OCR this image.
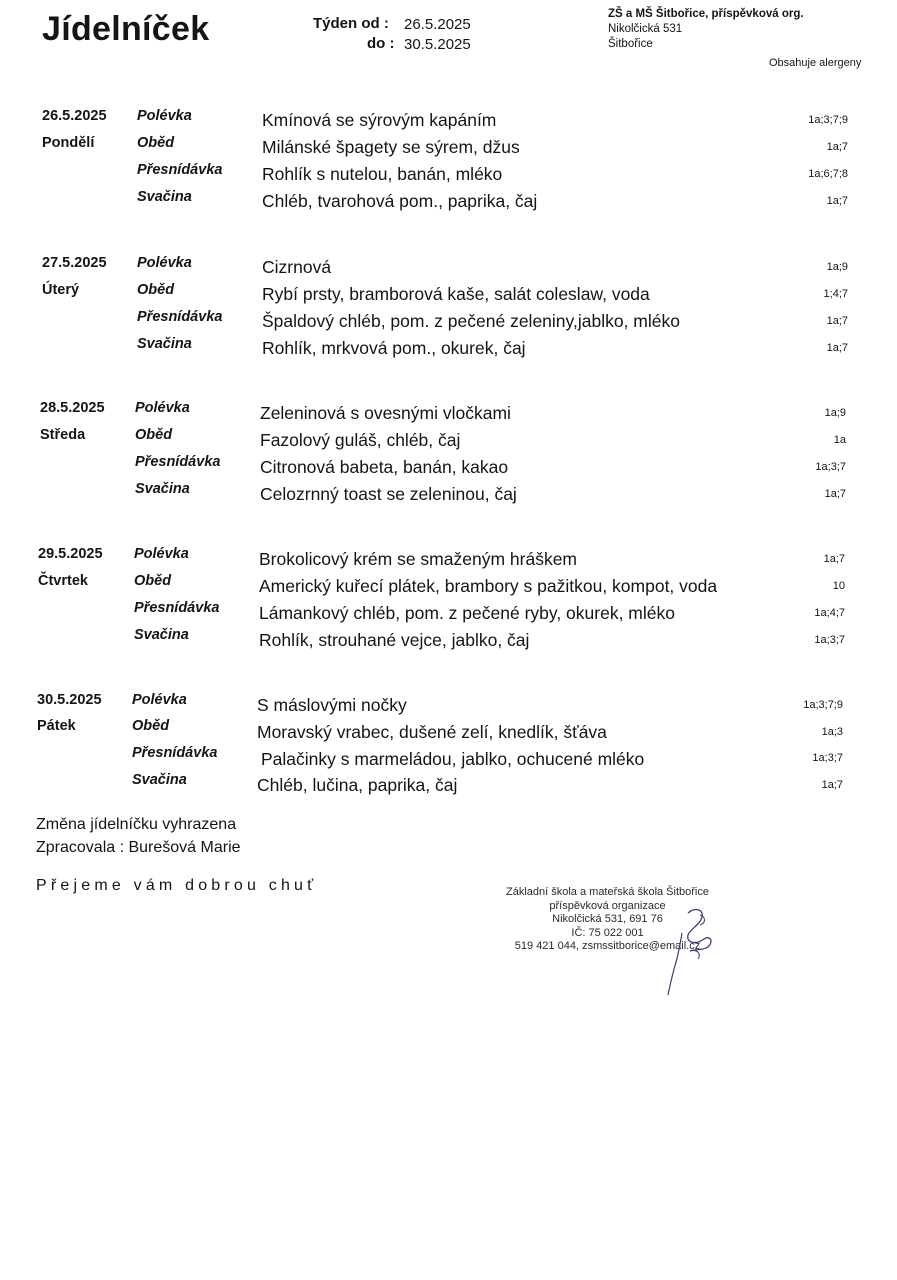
Jídelníček	Týden od : 26.5.2025
do : 30.5.2025
ZŠ a MŠ Šitbořice, příspěvková org.
Nikolčická 531
Šitbořice
Obsahuje alergeny
26.5.2025
Pondělí
Polévka
Oběd
Přesnídávka
Svačina
Kmínová se sýrovým kapáním
Milánské špagety se sýrem, džus
Rohlík s nutelou, banán, mléko
Chléb, tvarohová pom., paprika, čaj
1a;3;7;9
1a;7
1a;6;7;8
1a;7
27.5.2025
Úterý
Polévka
Oběd
Přesnídávka
Svačina
Cizrnová
Rybí prsty, bramborová kaše, salát coleslaw, voda
Špaldový chléb, pom. z pečené zeleniny,jablko, mléko
Rohlík, mrkvová pom., okurek, čaj
1a;9
1;4;7
1a;7
1a;7
28.5.2025
Středa
Polévka
Oběd
Přesnídávka
Svačina
Zeleninová s ovesnými vločkami
Fazolový guláš, chléb, čaj
Citronová babeta, banán, kakao
Celozrnný toast se zeleninou, čaj
1a;9
1a
1a;3;7
1a;7
29.5.2025
Čtvrtek
Polévka
Oběd
Přesnídávka
Svačina
Brokolicový krém se smaženým hráškem
Americký kuřecí plátek, brambory s pažitkou, kompot, voda
Lámankový chléb, pom. z pečené ryby, okurek, mléko
Rohlík, strouhané vejce, jablko, čaj
1a;7
10
1a;4;7
1a;3;7
30.5.2025
Pátek
Polévka
Oběd
Přesnídávka
Svačina
S máslovými nočky
Moravský vrabec, dušené zelí, knedlík, šťáva
Palačinky s marmeládou, jablko, ochucené mléko
Chléb, lučina, paprika, čaj
1a;3;7;9
1a;3
1a;3;7
1a;7
Změna jídelníčku vyhrazena
Zpracovala : Burešová Marie
Přejeme vám dobrou chuť	Základní škola a mateřská škola Šitbořice
příspěvková organizace
Nikolčická 531, 691 76
IČ: 75 022 001
519 421 044, zsmssitborice@email.cz
